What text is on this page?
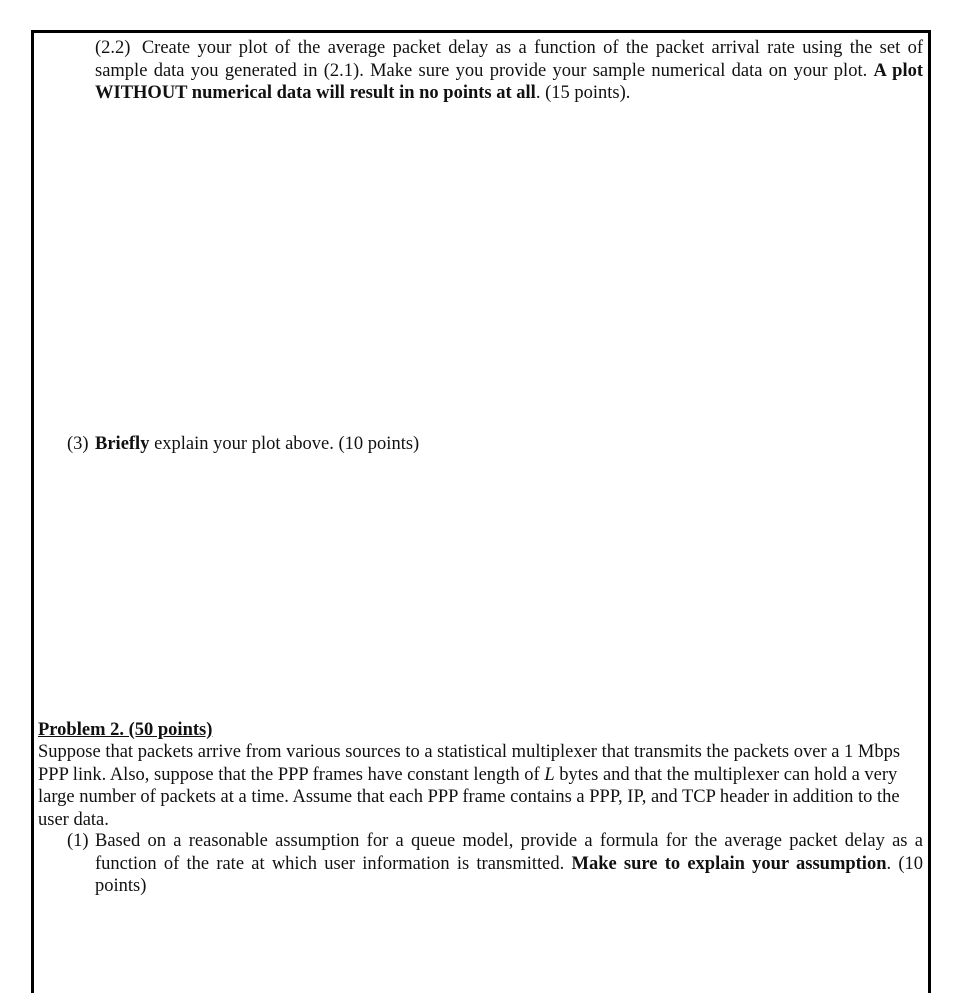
(2.2) Create your plot of the average packet delay as a function of the packet arrival rate using the set of sample data you generated in (2.1). Make sure you provide your sample numerical data on your plot. A plot WITHOUT numerical data will result in no points at all. (15 points).

(3) Briefly explain your plot above. (10 points)

Problem 2. (50 points)

Suppose that packets arrive from various sources to a statistical multiplexer that transmits the packets over a 1 Mbps PPP link. Also, suppose that the PPP frames have constant length of L bytes and that the multiplexer can hold a very large number of packets at a time. Assume that each PPP frame contains a PPP, IP, and TCP header in addition to the user data.

(1) Based on a reasonable assumption for a queue model, provide a formula for the average packet delay as a function of the rate at which user information is transmitted. Make sure to explain your assumption. (10 points)
